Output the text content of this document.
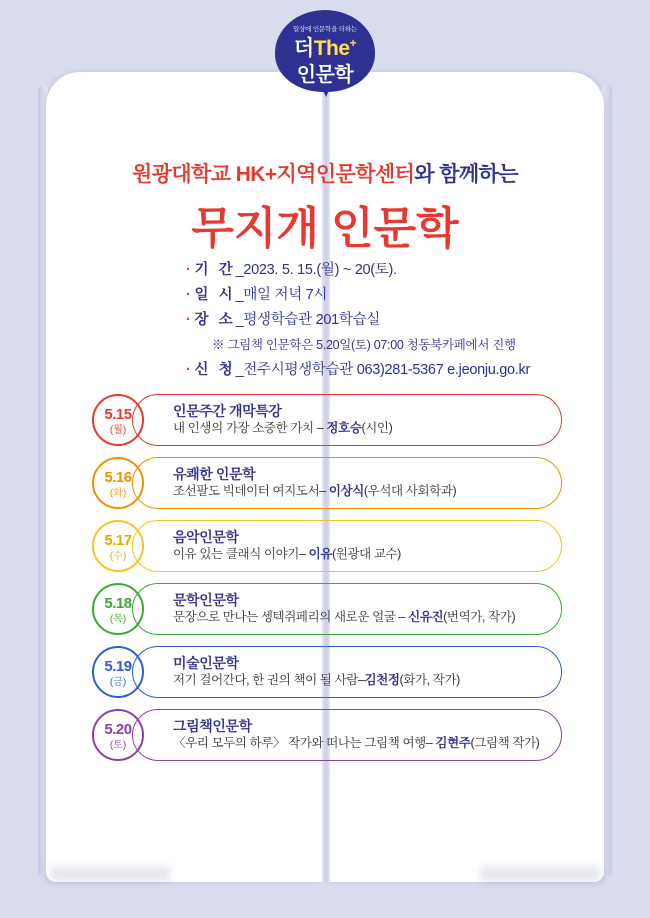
일상에 인문학을 더하는
더The+
인문학
원광대학교 HK+지역인문학센터와 함께하는
무지개 인문학
· 기 간_2023. 5. 15.(월) ~ 20(토).
· 일 시_매일 저녁 7시
· 장 소_평생학습관 201학습실
※ 그림책 인문학은 5.20일(토) 07:00 청동북카페에서 진행
· 신 청_전주시평생학습관 063)281-5367 e.jeonju.go.kr
5.15
(월)
인문주간 개막특강
내 인생의 가장 소중한 가치 – 정호승(시인)
5.16
(화)
유쾌한 인문학
조선팔도 빅데이터 여지도서– 이상식(우석대 사회학과)
5.17
(수)
음악인문학
이유 있는 클래식 이야기– 이유(원광대 교수)
5.18
(목)
문학인문학
문장으로 만나는 셍텍쥐페리의 새로운 얼굴 – 신유진(번역가, 작가)
5.19
(금)
미술인문학
저기 걸어간다, 한 권의 책이 될 사람–김천정(화가, 작가)
5.20
(토)
그림책인문학
〈우리 모두의 하루〉 작가와 떠나는 그림책 여행– 김현주(그림책 작가)
